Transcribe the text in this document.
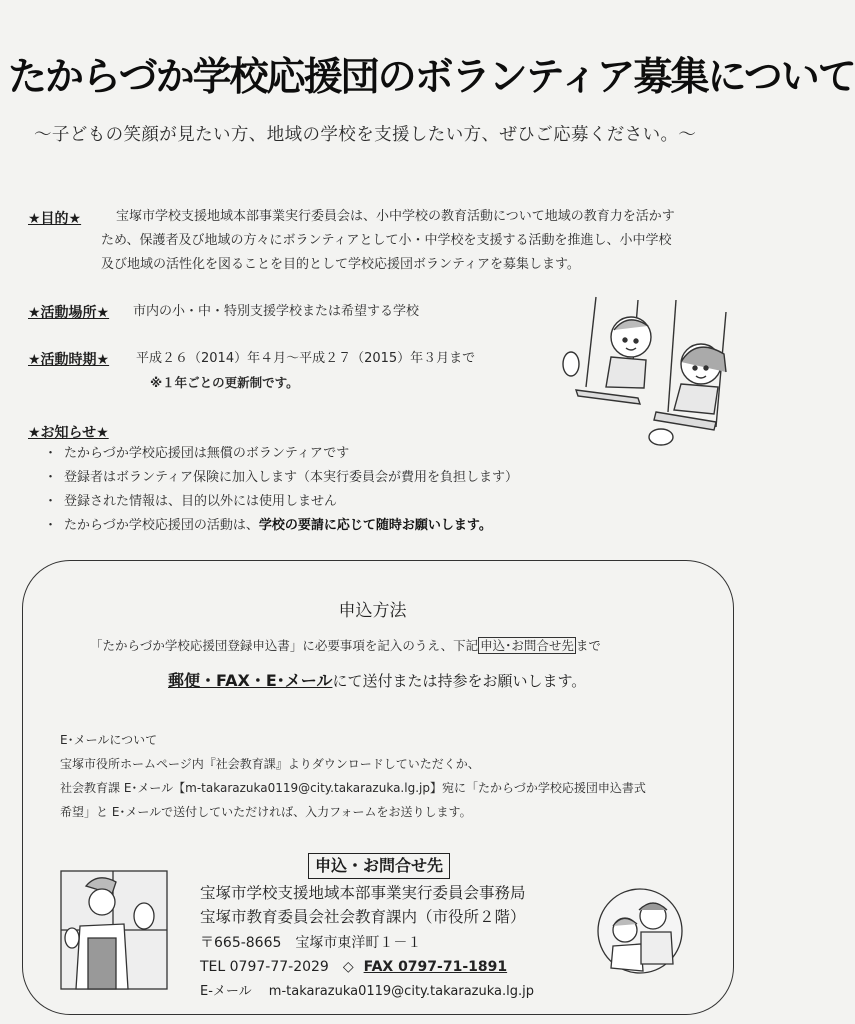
たからづか学校応援団のボランティア募集について
～子どもの笑顔が見たい方、地域の学校を支援したい方、ぜひご応募ください。～
★目的★	宝塚市学校支援地域本部事業実行委員会は、小中学校の教育活動について地域の教育力を活かす
ため、保護者及び地域の方々にボランティアとして小・中学校を支援する活動を推進し、小中学校
及び地域の活性化を図ることを目的として学校応援団ボランティアを募集します。
★活動場所★ 市内の小・中・特別支援学校または希望する学校
★活動時期★ 平成２６（2014）年４月～平成２７（2015）年３月まで
※１年ごとの更新制です。
★お知らせ★
・ たからづか学校応援団は無償のボランティアです
・ 登録者はボランティア保険に加入します（本実行委員会が費用を負担します）
・ 登録された情報は、目的以外には使用しません
・ たからづか学校応援団の活動は、学校の要請に応じて随時お願いします。
申込方法
「たからづか学校応援団登録申込書」に必要事項を記入のうえ、下記 申込･お問合せ先 まで
郵便・FAX・E･メールにて送付または持参をお願いします。
E･メールについて
宝塚市役所ホームページ内『社会教育課』よりダウンロードしていただくか、
社会教育課 E･メール【m-takarazuka0119@city.takarazuka.lg.jp】宛に「たからづか学校応援団申込書式
希望」と E･メールで送付していただければ、入力フォームをお送りします。
申込・お問合せ先
宝塚市学校支援地域本部事業実行委員会事務局
宝塚市教育委員会社会教育課内（市役所２階）
〒665-8665　宝塚市東洋町１－１
TEL 0797-77-2029　 ◇ FAX 0797-71-1891
E-メール　 m-takarazuka0119@city.takarazuka.lg.jp
